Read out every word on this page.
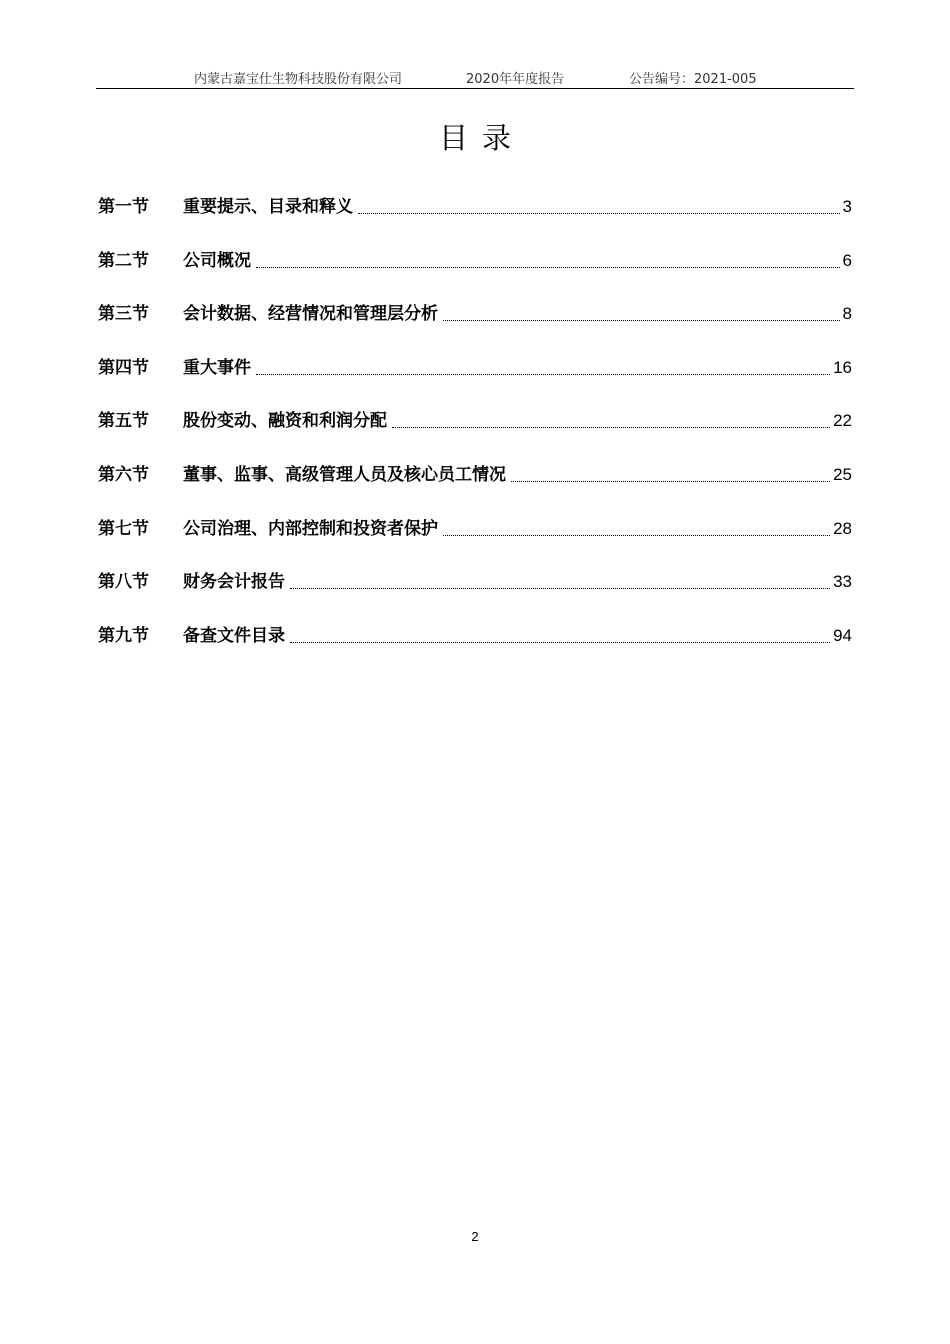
内蒙古嘉宝仕生物科技股份有限公司	2020年年度报告	公告编号：2021-005
目录
第一节	重要提示、目录和释义	3
第二节	公司概况	6
第三节	会计数据、经营情况和管理层分析	8
第四节	重大事件	16
第五节	股份变动、融资和利润分配	22
第六节	董事、监事、高级管理人员及核心员工情况	25
第七节	公司治理、内部控制和投资者保护	28
第八节	财务会计报告	33
第九节	备查文件目录	94
2
